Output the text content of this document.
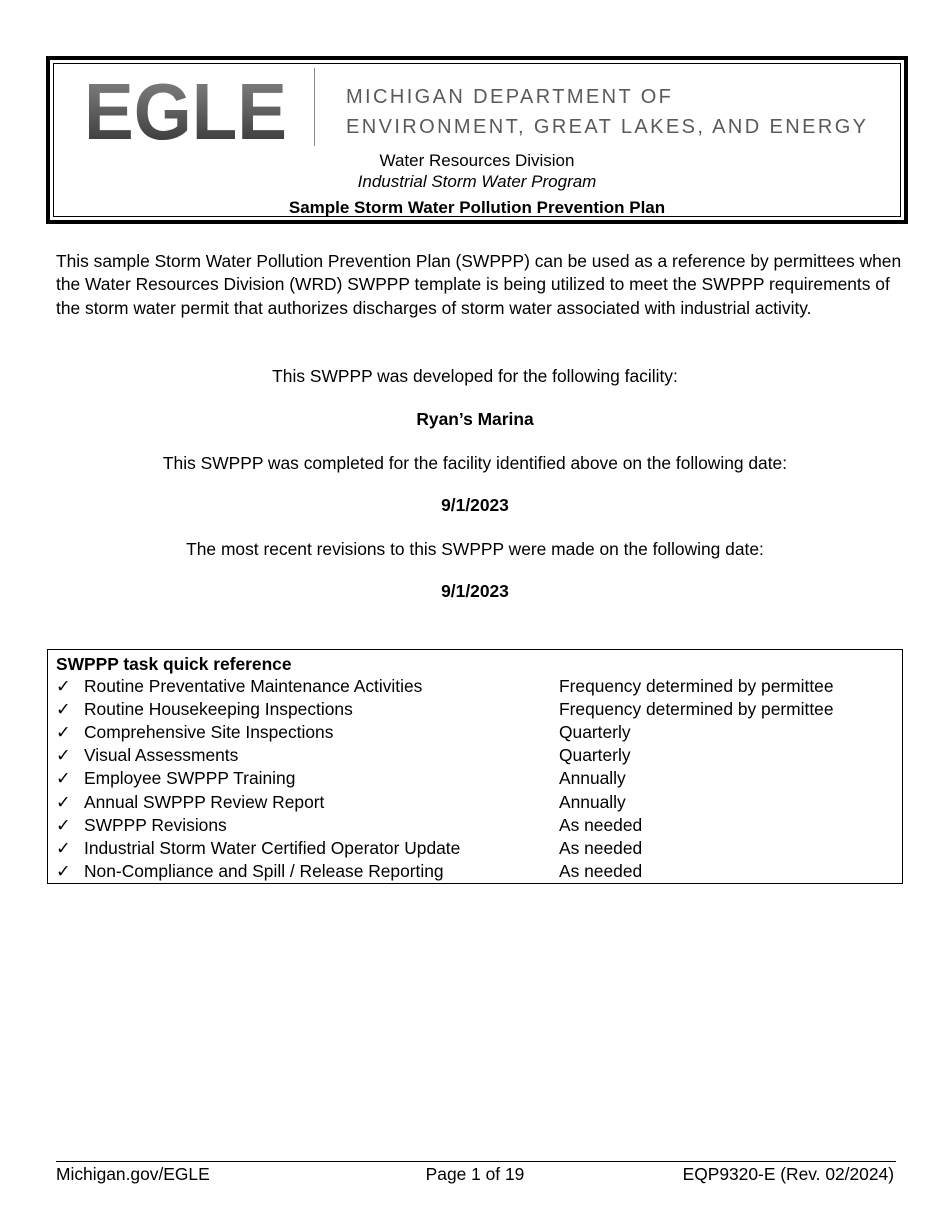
EGLE	MICHIGAN DEPARTMENT OF
ENVIRONMENT, GREAT LAKES, AND ENERGY
Water Resources Division
Industrial Storm Water Program
Sample Storm Water Pollution Prevention Plan
This sample Storm Water Pollution Prevention Plan (SWPPP) can be used as a reference by permittees when the Water Resources Division (WRD) SWPPP template is being utilized to meet the SWPPP requirements of the storm water permit that authorizes discharges of storm water associated with industrial activity.
This SWPPP was developed for the following facility:
Ryan’s Marina
This SWPPP was completed for the facility identified above on the following date:
9/1/2023
The most recent revisions to this SWPPP were made on the following date:
9/1/2023
SWPPP task quick reference
✓ Routine Preventative Maintenance Activities	Frequency determined by permittee
✓ Routine Housekeeping Inspections	Frequency determined by permittee
✓ Comprehensive Site Inspections	Quarterly
✓ Visual Assessments	Quarterly
✓ Employee SWPPP Training	Annually
✓ Annual SWPPP Review Report	Annually
✓ SWPPP Revisions	As needed
✓ Industrial Storm Water Certified Operator Update	As needed
✓ Non-Compliance and Spill / Release Reporting	As needed
Michigan.gov/EGLE	Page 1 of 19	EQP9320-E (Rev. 02/2024)
